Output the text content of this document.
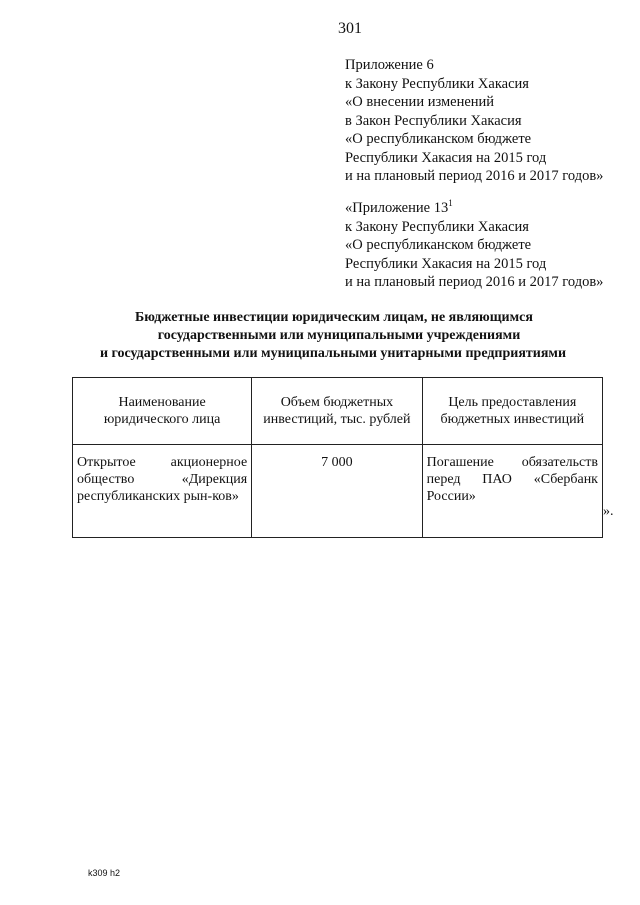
301
Приложение 6
к Закону Республики Хакасия
«О внесении изменений
в Закон Республики Хакасия
«О республиканском бюджете
Республики Хакасия на 2015 год
и на плановый период 2016 и 2017 годов»
«Приложение $13^1$
к Закону Республики Хакасия
«О республиканском бюджете
Республики Хакасия на 2015 год
и на плановый период 2016 и 2017 годов»
Бюджетные инвестиции юридическим лицам, не являющимся
государственными или муниципальными учреждениями
и государственными или муниципальными унитарными предприятиями
Наименование юридического лица	Объем бюджетных инвестиций, тыс. рублей	Цель предоставления бюджетных инвестиций
Открытое акционерное общество «Дирекция республиканских рын-ков»	7 000	Погашение обязательств перед ПАО «Сбербанк России»
».
k309 h2
